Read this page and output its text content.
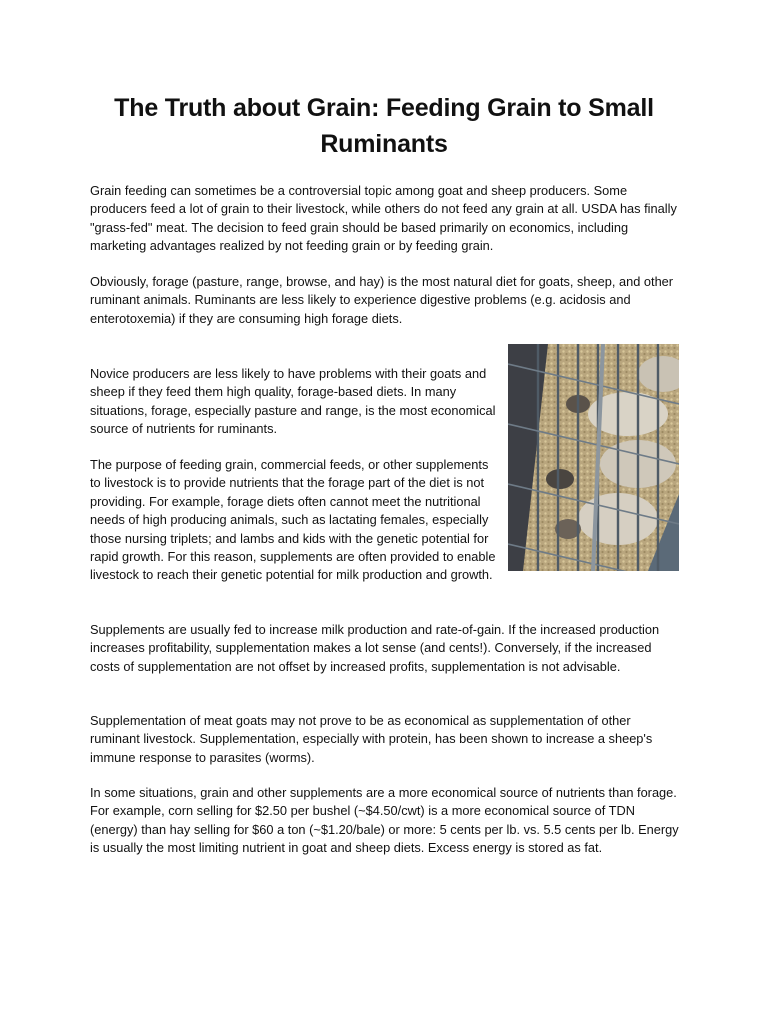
The Truth about Grain: Feeding Grain to Small Ruminants

Grain feeding can sometimes be a controversial topic among goat and sheep producers. Some producers feed a lot of grain to their livestock, while others do not feed any grain at all. USDA has finally "grass-fed" meat. The decision to feed grain should be based primarily on economics, including marketing advantages realized by not feeding grain or by feeding grain.

Obviously, forage (pasture, range, browse, and hay) is the most natural diet for goats, sheep, and other ruminant animals. Ruminants are less likely to experience digestive problems (e.g. acidosis and enterotoxemia) if they are consuming high forage diets.

Novice producers are less likely to have problems with their goats and sheep if they feed them high quality, forage-based diets. In many situations, forage, especially pasture and range, is the most economical source of nutrients for ruminants.

The purpose of feeding grain, commercial feeds, or other supplements to livestock is to provide nutrients that the forage part of the diet is not providing. For example, forage diets often cannot meet the nutritional needs of high producing animals, such as lactating females, especially those nursing triplets; and lambs and kids with the genetic potential for rapid growth. For this reason, supplements are often provided to enable livestock to reach their genetic potential for milk production and growth.

Supplements are usually fed to increase milk production and rate-of-gain. If the increased production increases profitability, supplementation makes a lot sense (and cents!). Conversely, if the increased costs of supplementation are not offset by increased profits, supplementation is not advisable.

Supplementation of meat goats may not prove to be as economical as supplementation of other ruminant livestock. Supplementation, especially with protein, has been shown to increase a sheep's immune response to parasites (worms).

In some situations, grain and other supplements are a more economical source of nutrients than forage. For example, corn selling for $2.50 per bushel (~$4.50/cwt) is a more economical source of TDN (energy) than hay selling for $60 a ton (~$1.20/bale) or more: 5 cents per lb. vs. 5.5 cents per lb. Energy is usually the most limiting nutrient in goat and sheep diets. Excess energy is stored as fat.
